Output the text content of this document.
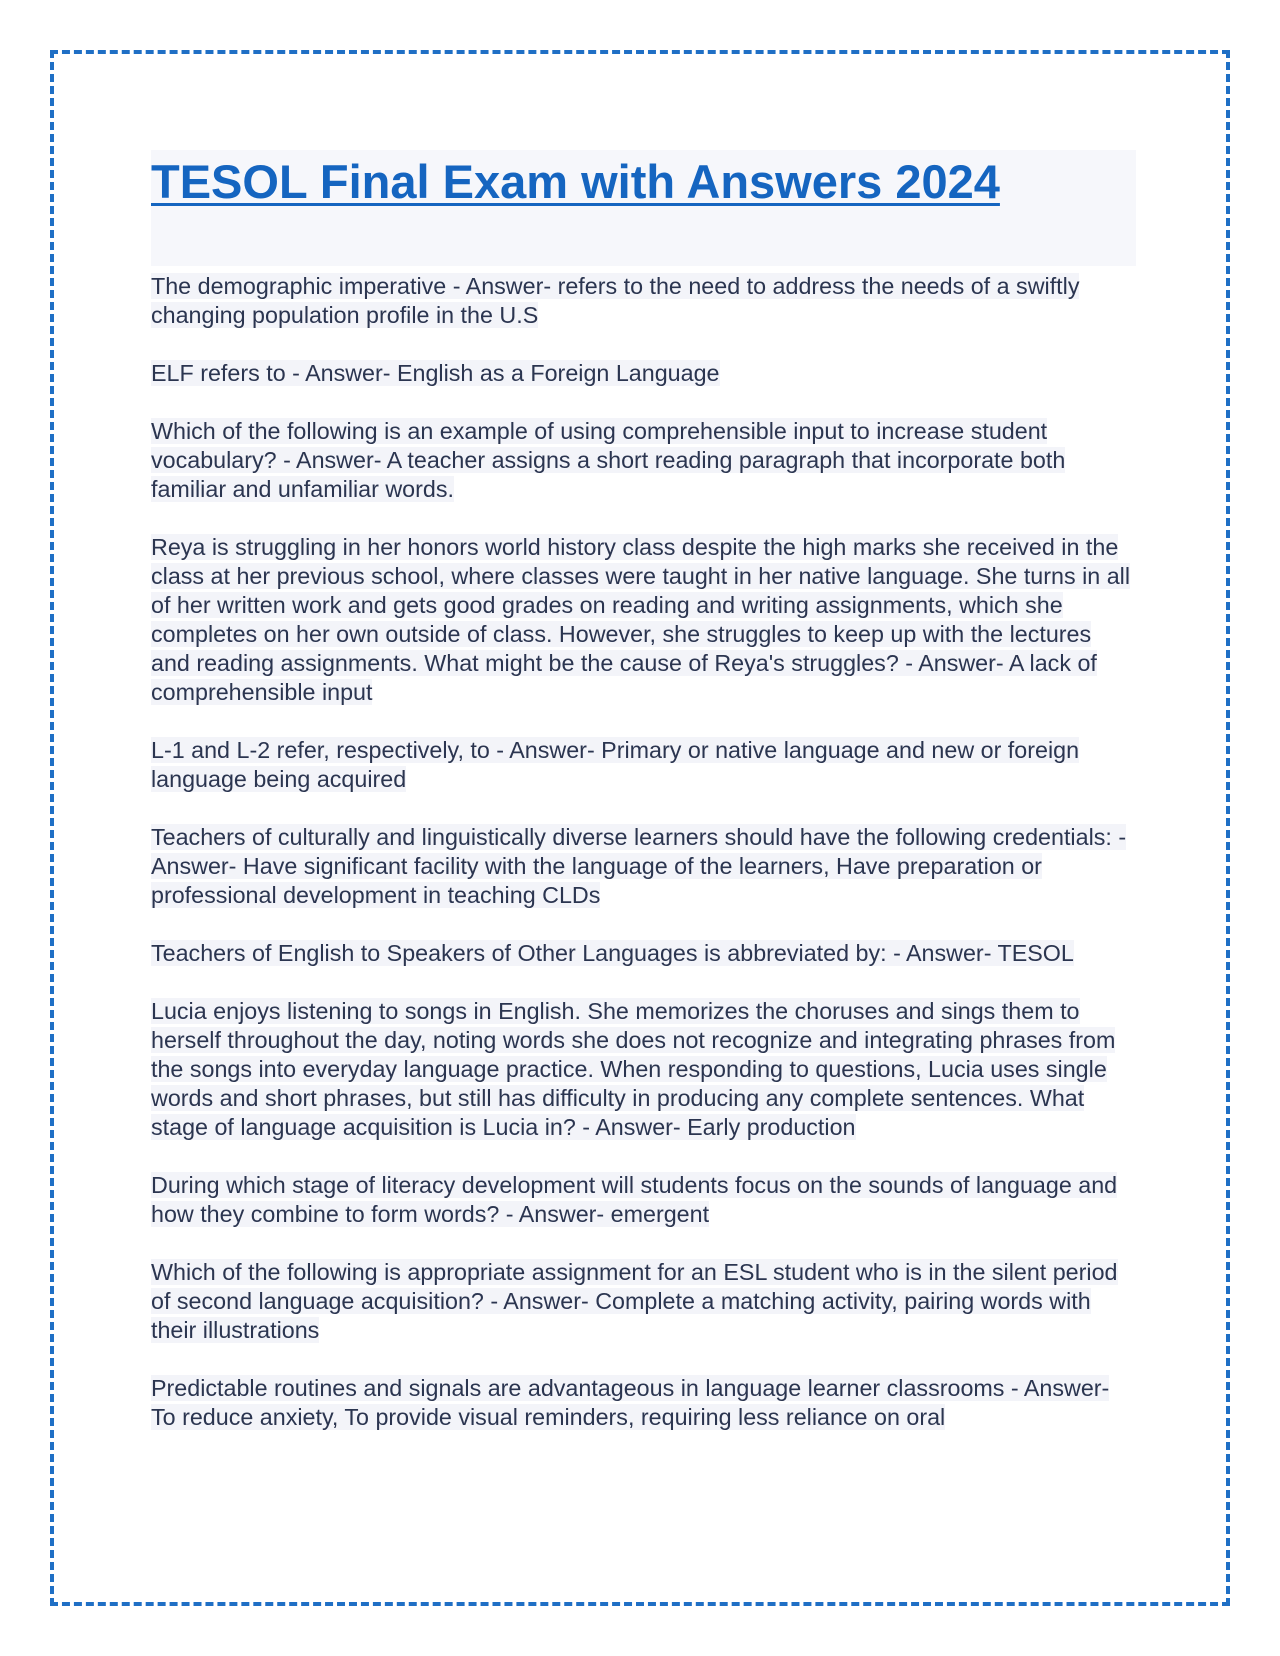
TESOL Final Exam with Answers 2024

The demographic imperative - Answer- refers to the need to address the needs of a swiftly changing population profile in the U.S

ELF refers to - Answer- English as a Foreign Language

Which of the following is an example of using comprehensible input to increase student vocabulary? - Answer- A teacher assigns a short reading paragraph that incorporate both familiar and unfamiliar words.

Reya is struggling in her honors world history class despite the high marks she received in the class at her previous school, where classes were taught in her native language. She turns in all of her written work and gets good grades on reading and writing assignments, which she completes on her own outside of class. However, she struggles to keep up with the lectures and reading assignments. What might be the cause of Reya's struggles? - Answer- A lack of comprehensible input

L-1 and L-2 refer, respectively, to - Answer- Primary or native language and new or foreign language being acquired

Teachers of culturally and linguistically diverse learners should have the following credentials: - Answer- Have significant facility with the language of the learners, Have preparation or professional development in teaching CLDs

Teachers of English to Speakers of Other Languages is abbreviated by: - Answer- TESOL

Lucia enjoys listening to songs in English. She memorizes the choruses and sings them to herself throughout the day, noting words she does not recognize and integrating phrases from the songs into everyday language practice. When responding to questions, Lucia uses single words and short phrases, but still has difficulty in producing any complete sentences. What stage of language acquisition is Lucia in? - Answer- Early production

During which stage of literacy development will students focus on the sounds of language and how they combine to form words? - Answer- emergent

Which of the following is appropriate assignment for an ESL student who is in the silent period of second language acquisition? - Answer- Complete a matching activity, pairing words with their illustrations

Predictable routines and signals are advantageous in language learner classrooms - Answer- To reduce anxiety, To provide visual reminders, requiring less reliance on oral
